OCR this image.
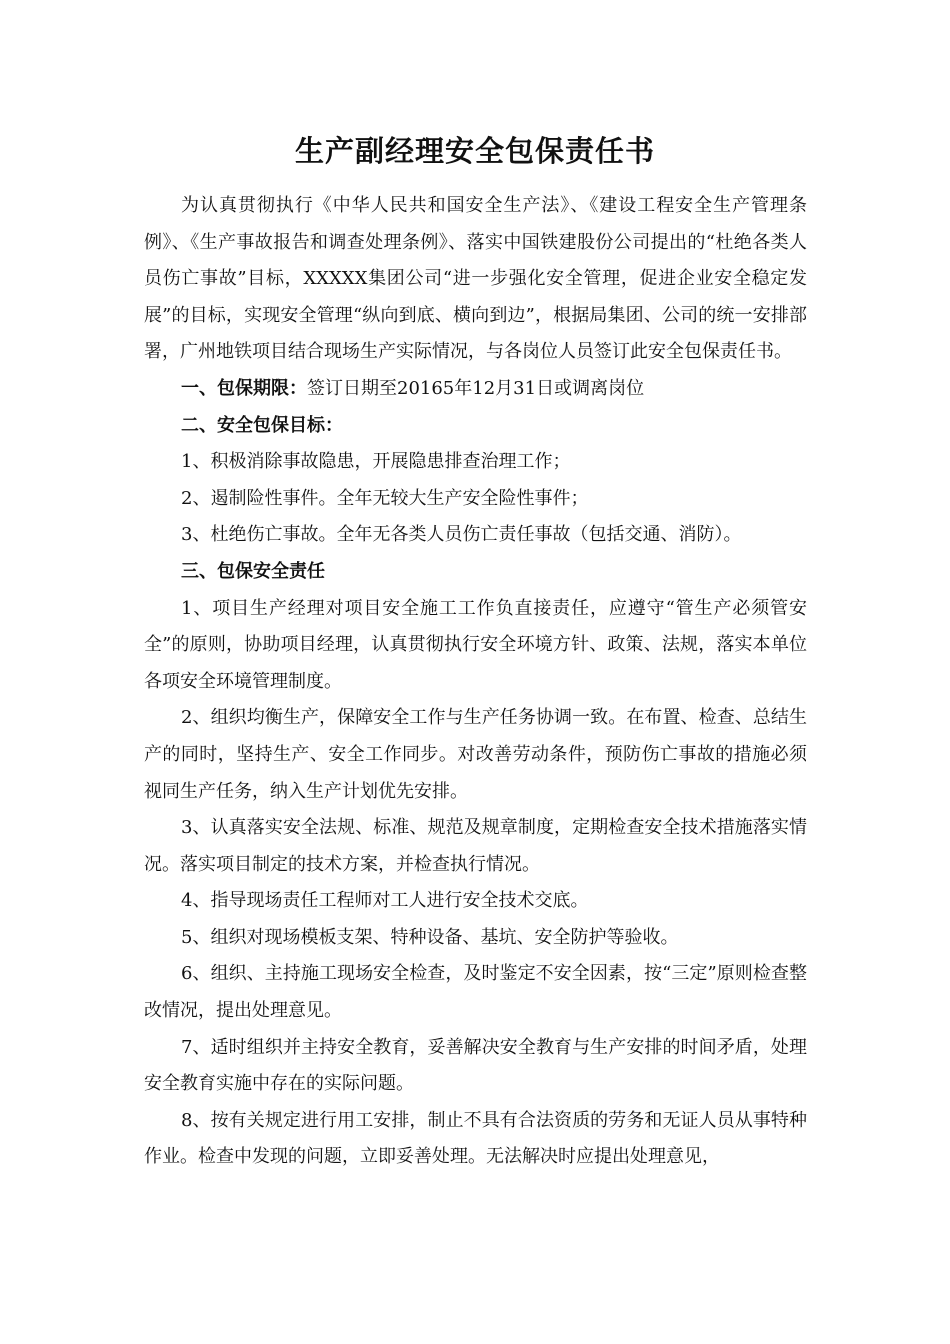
生产副经理安全包保责任书

为认真贯彻执行《中华人民共和国安全生产法》、《建设工程安全生产管理条例》、《生产事故报告和调查处理条例》、落实中国铁建股份公司提出的“杜绝各类人员伤亡事故”目标，XXXXX集团公司“进一步强化安全管理，促进企业安全稳定发展”的目标，实现安全管理“纵向到底、横向到边”，根据局集团、公司的统一安排部署，广州地铁项目结合现场生产实际情况，与各岗位人员签订此安全包保责任书。

一、包保期限：签订日期至20165年12月31日或调离岗位

二、安全包保目标：

1、积极消除事故隐患，开展隐患排查治理工作；

2、遏制险性事件。全年无较大生产安全险性事件；

3、杜绝伤亡事故。全年无各类人员伤亡责任事故（包括交通、消防）。

三、包保安全责任

1、项目生产经理对项目安全施工工作负直接责任，应遵守“管生产必须管安全”的原则，协助项目经理，认真贯彻执行安全环境方针、政策、法规，落实本单位各项安全环境管理制度。

2、组织均衡生产，保障安全工作与生产任务协调一致。在布置、检查、总结生产的同时，坚持生产、安全工作同步。对改善劳动条件，预防伤亡事故的措施必须视同生产任务，纳入生产计划优先安排。

3、认真落实安全法规、标准、规范及规章制度，定期检查安全技术措施落实情况。落实项目制定的技术方案，并检查执行情况。

4、指导现场责任工程师对工人进行安全技术交底。

5、组织对现场模板支架、特种设备、基坑、安全防护等验收。

6、组织、主持施工现场安全检查，及时鉴定不安全因素，按“三定”原则检查整改情况，提出处理意见。

7、适时组织并主持安全教育，妥善解决安全教育与生产安排的时间矛盾，处理安全教育实施中存在的实际问题。

8、按有关规定进行用工安排，制止不具有合法资质的劳务和无证人员从事特种作业。检查中发现的问题，立即妥善处理。无法解决时应提出处理意见，
